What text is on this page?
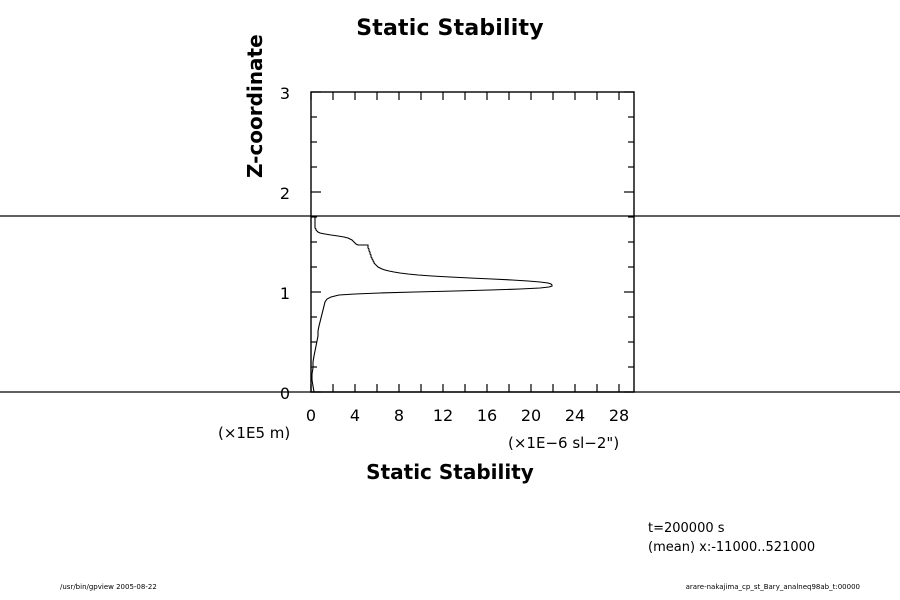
Static Stability
Z-coordinate
Static Stability
(×1E−6 sl−2")
(×1E5 m)
0
1
2
3
0	4	8	12	16	20	24	28
t=200000 s
(mean) x:-11000..521000
/usr/bin/gpview 2005-08-22	arare-nakajima_cp_st_Bary_analneq98ab_t:00000
